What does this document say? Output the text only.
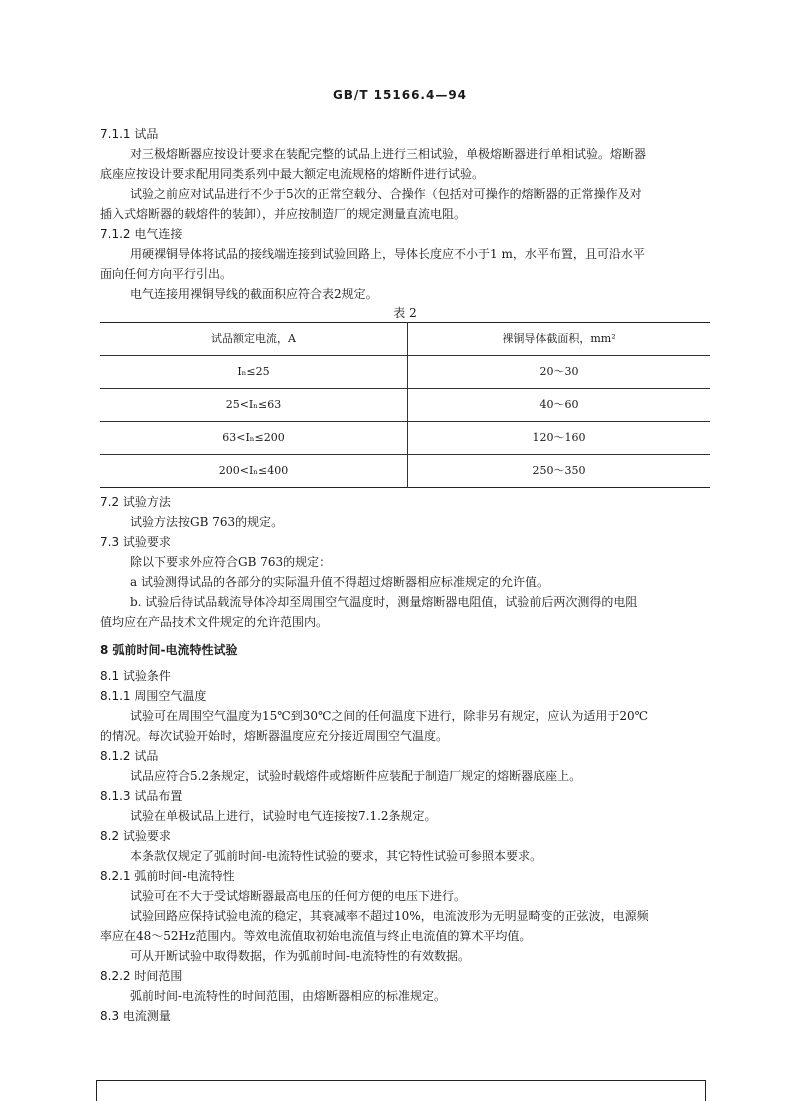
GB/T 15166.4—94
7.1.1 试品
对三极熔断器应按设计要求在装配完整的试品上进行三相试验，单极熔断器进行单相试验。熔断器
底座应按设计要求配用同类系列中最大额定电流规格的熔断件进行试验。
试验之前应对试品进行不少于5次的正常空载分、合操作（包括对可操作的熔断器的正常操作及对
插入式熔断器的载熔件的装卸），并应按制造厂的规定测量直流电阻。
7.1.2 电气连接
用硬裸铜导体将试品的接线端连接到试验回路上，导体长度应不小于1 m，水平布置，且可沿水平
面向任何方向平行引出。
电气连接用裸铜导线的截面积应符合表2规定。
表 2
试品额定电流，A	裸铜导体截面积，mm²
Iₙ≤25	20～30
25<Iₙ≤63	40～60
63<Iₙ≤200	120～160
200<Iₙ≤400	250～350
7.2 试验方法
试验方法按GB 763的规定。
7.3 试验要求
除以下要求外应符合GB 763的规定：
a 试验测得试品的各部分的实际温升值不得超过熔断器相应标准规定的允许值。
b. 试验后待试品载流导体冷却至周围空气温度时，测量熔断器电阻值，试验前后两次测得的电阻
值均应在产品技术文件规定的允许范围内。
8 弧前时间-电流特性试验
8.1 试验条件
8.1.1 周围空气温度
试验可在周围空气温度为15℃到30℃之间的任何温度下进行，除非另有规定，应认为适用于20℃
的情况。每次试验开始时，熔断器温度应充分接近周围空气温度。
8.1.2 试品
试品应符合5.2条规定，试验时载熔件或熔断件应装配于制造厂规定的熔断器底座上。
8.1.3 试品布置
试验在单极试品上进行，试验时电气连接按7.1.2条规定。
8.2 试验要求
本条款仅规定了弧前时间-电流特性试验的要求，其它特性试验可参照本要求。
8.2.1 弧前时间-电流特性
试验可在不大于受试熔断器最高电压的任何方便的电压下进行。
试验回路应保持试验电流的稳定，其衰减率不超过10%，电流波形为无明显畸变的正弦波，电源频
率应在48～52Hz范围内。等效电流值取初始电流值与终止电流值的算术平均值。
可从开断试验中取得数据，作为弧前时间-电流特性的有效数据。
8.2.2 时间范围
弧前时间-电流特性的时间范围，由熔断器相应的标准规定。
8.3 电流测量
